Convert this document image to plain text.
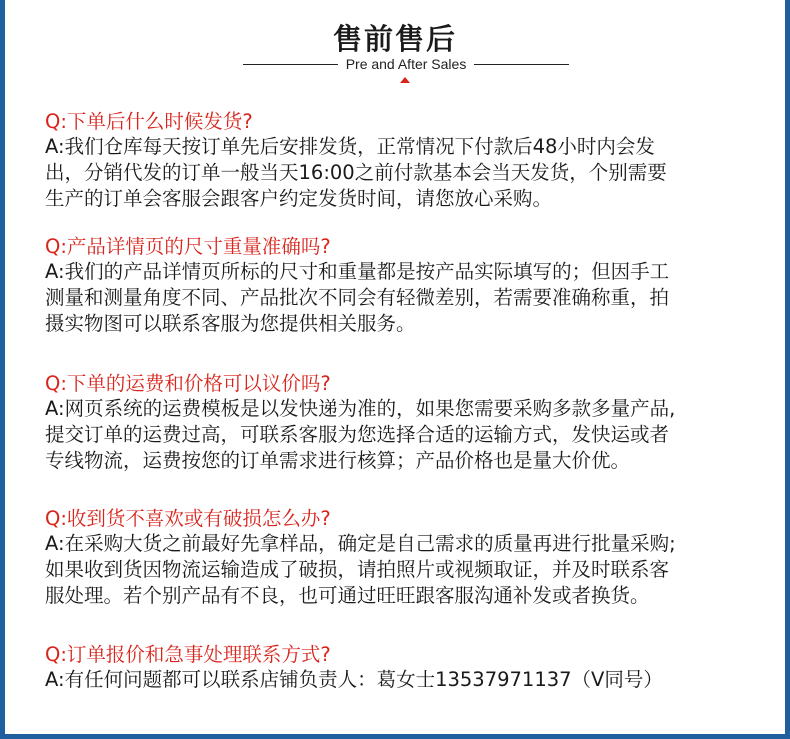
售前售后
Pre and After Sales
Q:下单后什么时候发货?
A:我们仓库每天按订单先后安排发货，正常情况下付款后48小时内会发
出，分销代发的订单一般当天16:00之前付款基本会当天发货，个别需要
生产的订单会客服会跟客户约定发货时间，请您放心采购。
Q:产品详情页的尺寸重量准确吗?
A:我们的产品详情页所标的尺寸和重量都是按产品实际填写的；但因手工
测量和测量角度不同、产品批次不同会有轻微差别，若需要准确称重，拍
摄实物图可以联系客服为您提供相关服务。
Q:下单的运费和价格可以议价吗?
A:网页系统的运费模板是以发快递为准的，如果您需要采购多款多量产品,
提交订单的运费过高，可联系客服为您选择合适的运输方式，发快运或者
专线物流，运费按您的订单需求进行核算；产品价格也是量大价优。
Q:收到货不喜欢或有破损怎么办?
A:在采购大货之前最好先拿样品，确定是自己需求的质量再进行批量采购;
如果收到货因物流运输造成了破损，请拍照片或视频取证，并及时联系客
服处理。若个别产品有不良，也可通过旺旺跟客服沟通补发或者换货。
Q:订单报价和急事处理联系方式?
A:有任何问题都可以联系店铺负责人：葛女士13537971137（V同号）
